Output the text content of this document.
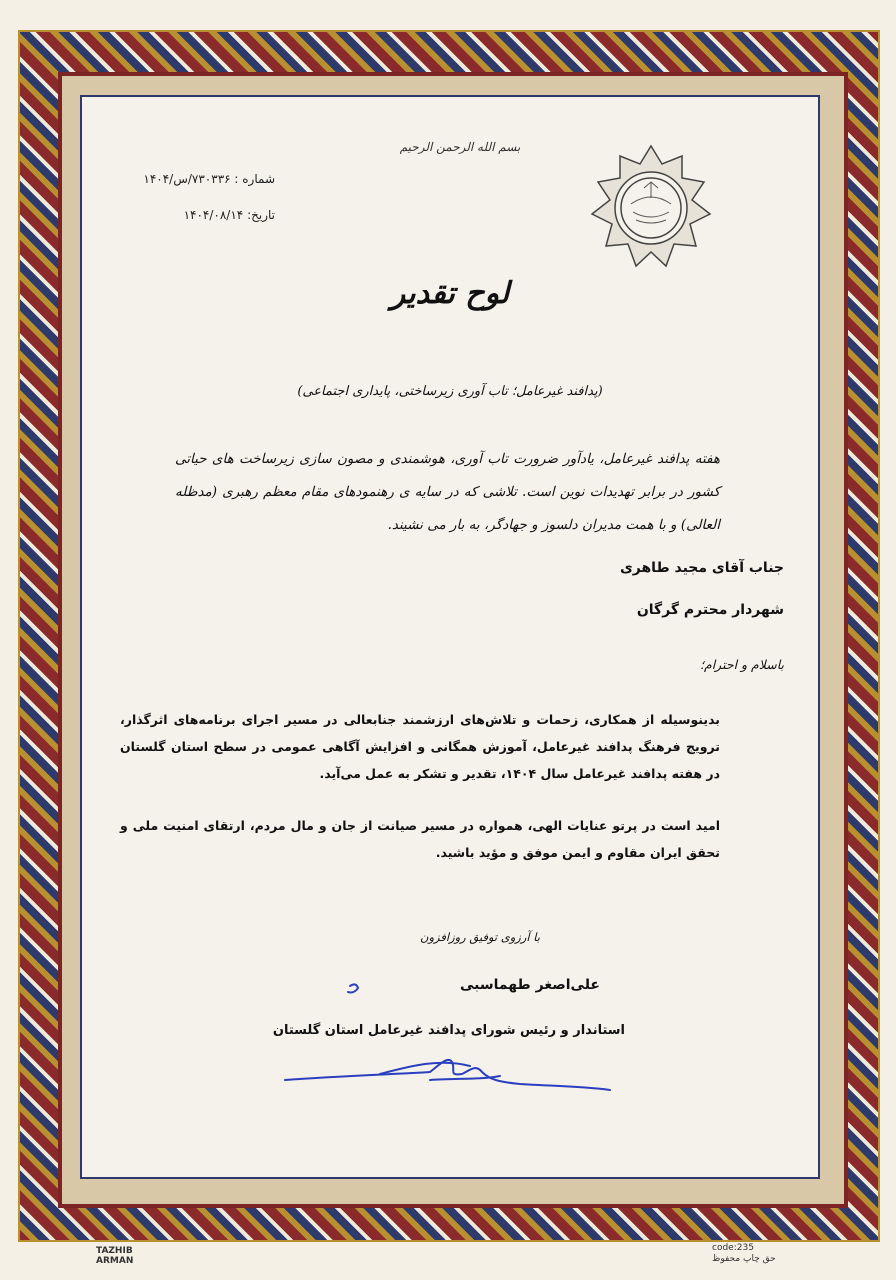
بسم الله الرحمن الرحیم
شماره : ۷۳۰۳۳۶/س/۱۴۰۴
تاریخ: ۱۴۰۴/۰۸/۱۴
لوح تقدیر
(پدافند غیرعامل؛ تاب آوری زیرساختی، پایداری اجتماعی)
هفته پدافند غیرعامل، یادآور ضرورت تاب آوری، هوشمندی و مصون سازی زیرساخت های حیاتی کشور در برابر تهدیدات نوین است. تلاشی که در سایه ی رهنمودهای مقام معظم رهبری (مدظله العالی) و با همت مدیران دلسوز و جهادگر، به بار می نشیند.
جناب آقای مجید طاهری
شهردار محترم گرگان
باسلام و احترام؛
بدینوسیله از همکاری، زحمات و تلاش‌های ارزشمند جنابعالی در مسیر اجرای برنامه‌های اثرگذار، ترویج فرهنگ پدافند غیرعامل، آموزش همگانی و افزایش آگاهی عمومی در سطح استان گلستان در هفته پدافند غیرعامل سال ۱۴۰۴، تقدیر و تشکر به عمل می‌آید.
امید است در پرتو عنایات الهی، همواره در مسیر صیانت از جان و مال مردم، ارتقای امنیت ملی و تحقق ایران مقاوم و ایمن موفق و مؤید باشید.
با آرزوی توفیق روزافزون
علی‌اصغر طهماسبی
استاندار و رئیس شورای پدافند غیرعامل استان گلستان
TAZHIB
ARMAN
code:235
حق چاپ محفوظ
